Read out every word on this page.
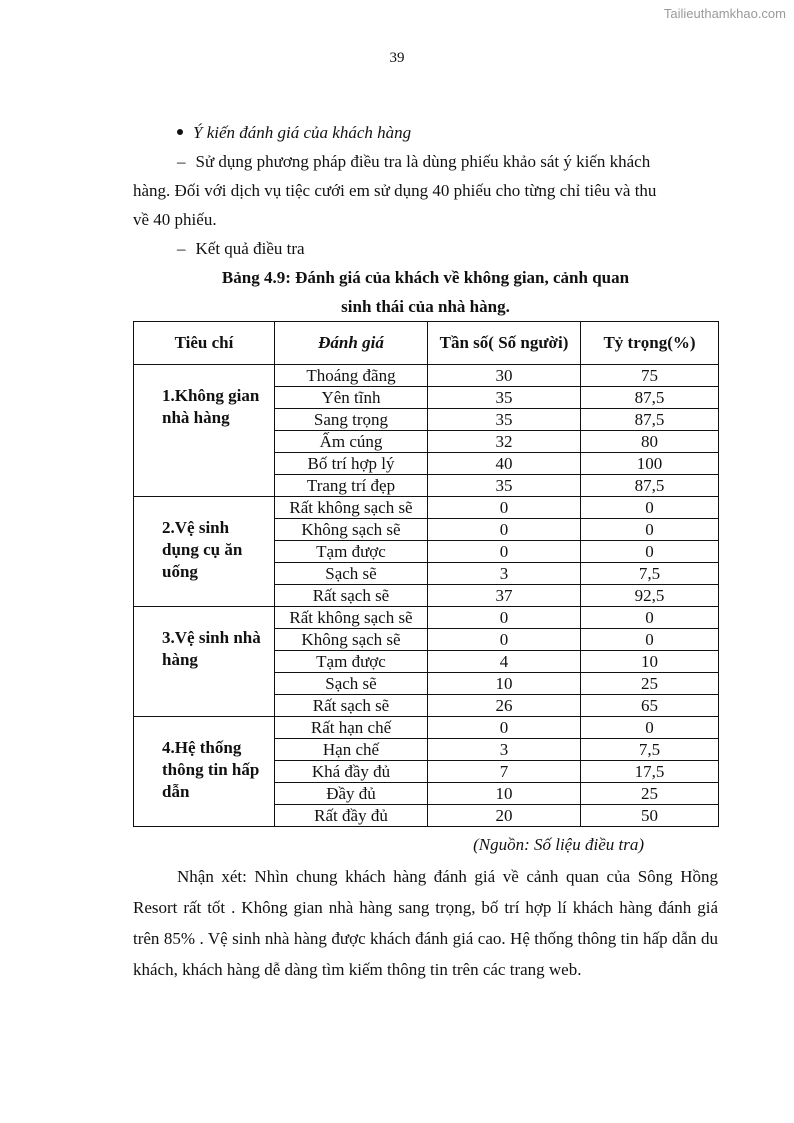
Tailieuthamkhao.com
39

Ý kiến đánh giá của khách hàng

– Sử dụng phương pháp điều tra là dùng phiếu khảo sát ý kiến khách

hàng. Đối với dịch vụ tiệc cưới em sử dụng 40 phiếu cho từng chỉ tiêu và thu

về 40 phiếu.

– Kết quả điều tra

Bảng 4.9: Đánh giá của khách về không gian, cảnh quan
sinh thái của nhà hàng.
Tiêu chí	Đánh giá	Tần số( Số người)	Tỷ trọng(%)
1.Không gian nhà hàng	Thoáng đãng	30	75
	Yên tĩnh	35	87,5
	Sang trọng	35	87,5
	Ấm cúng	32	80
	Bố trí hợp lý	40	100
	Trang trí đẹp	35	87,5
2.Vệ sinh dụng cụ ăn uống	Rất không sạch sẽ	0	0
	Không sạch sẽ	0	0
	Tạm được	0	0
	Sạch sẽ	3	7,5
	Rất sạch sẽ	37	92,5
3.Vệ sinh nhà hàng	Rất không sạch sẽ	0	0
	Không sạch sẽ	0	0
	Tạm được	4	10
	Sạch sẽ	10	25
	Rất sạch sẽ	26	65
4.Hệ thống thông tin hấp dẫn	Rất hạn chế	0	0
	Hạn chế	3	7,5
	Khá đầy đủ	7	17,5
	Đầy đủ	10	25
	Rất đầy đủ	20	50
(Nguồn: Số liệu điều tra)

Nhận xét: Nhìn chung khách hàng đánh giá về cảnh quan của Sông Hồng Resort rất tốt . Không gian nhà hàng sang trọng, bố trí hợp lí khách hàng đánh giá trên 85% . Vệ sinh nhà hàng được khách đánh giá cao. Hệ thống thông tin hấp dẫn du khách, khách hàng dễ dàng tìm kiếm thông tin trên các trang web.
